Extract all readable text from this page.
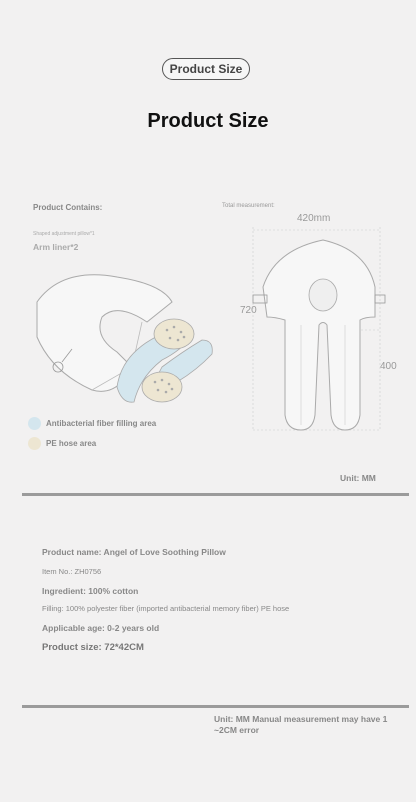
Product Size
Product Size
Product Contains:
Shaped adjustment pillow*1
Arm liner*2
Antibacterial fiber filling area
PE hose area
Total measurement:
420mm
720
400
Unit: MM
Product name: Angel of Love Soothing Pillow
Item No.: ZH0756
Ingredient: 100% cotton
Filling: 100% polyester fiber (imported antibacterial memory fiber) PE hose
Applicable age: 0-2 years old
Product size: 72*42CM
Unit: MM Manual measurement may have 1 ~2CM error
